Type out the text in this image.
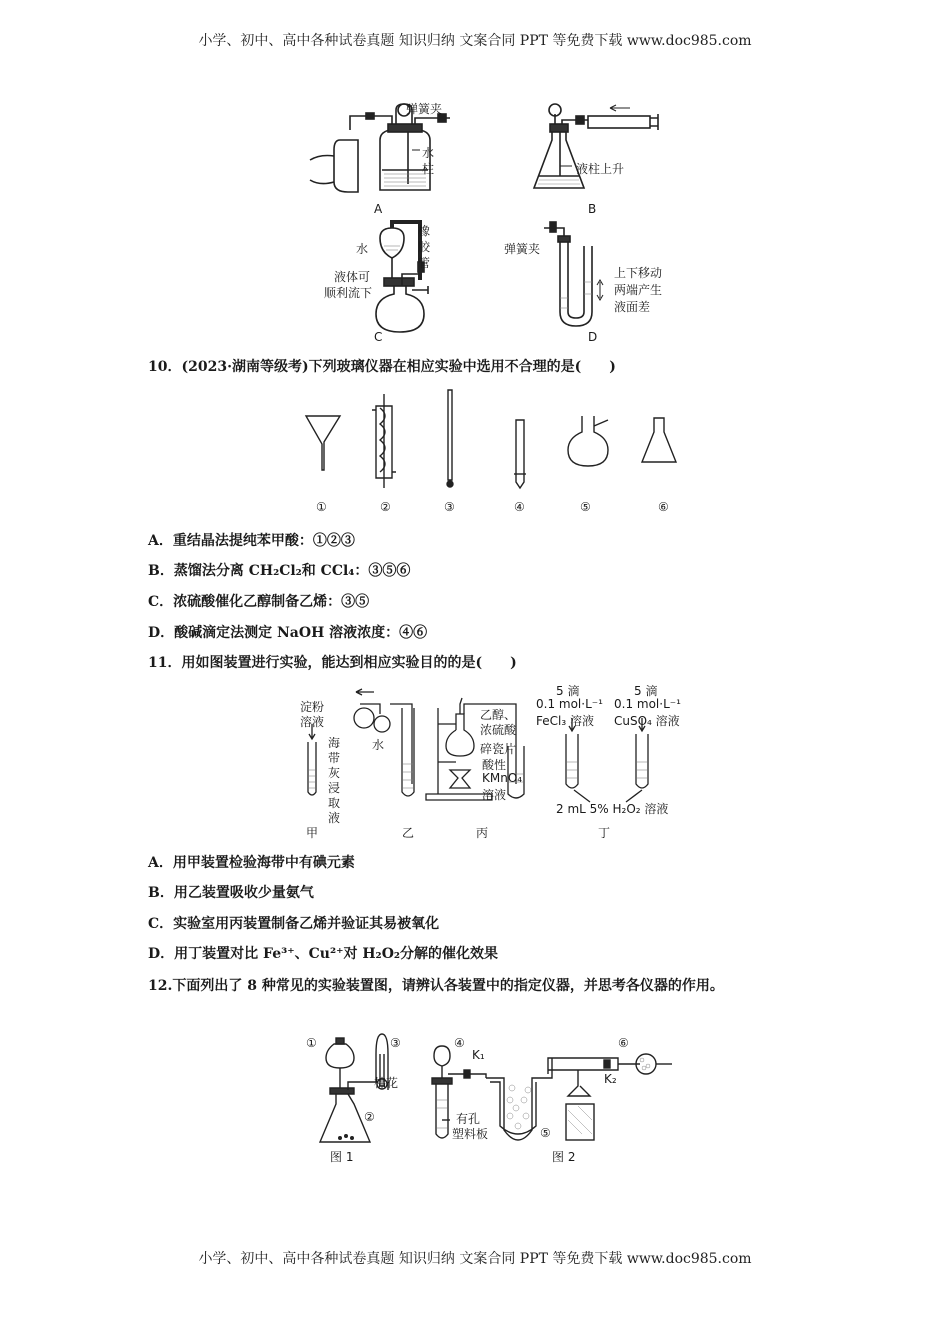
小学、初中、高中各种试卷真题 知识归纳 文案合同 PPT 等免费下载 www.doc985.com
小学、初中、高中各种试卷真题 知识归纳 文案合同 PPT 等免费下载 www.doc985.com
弹簧夹
水
柱
A
液柱上升
B
水
橡
胶
管
液体可
顺利流下
C
弹簧夹
上下移动
两端产生
液面差
D
10．(2023·湖南等级考)下列玻璃仪器在相应实验中选用不合理的是(　　)
①	②	③	④	⑤	⑥
A．重结晶法提纯苯甲酸：①②③
B．蒸馏法分离 CH₂Cl₂和 CCl₄：③⑤⑥
C．浓硫酸催化乙醇制备乙烯：③⑤
D．酸碱滴定法测定 NaOH 溶液浓度：④⑥
11．用如图装置进行实验，能达到相应实验目的的是(　　)
淀粉
溶液
海
带
灰
浸
取
液
水
乙醇、
浓硫酸
碎瓷片
酸性
KMnO₄
溶液
5 滴
0.1 mol·L⁻¹
FeCl₃ 溶液
5 滴
0.1 mol·L⁻¹
CuSO₄ 溶液
2 mL 5% H₂O₂ 溶液
甲	乙	丙	丁
A．用甲装置检验海带中有碘元素
B．用乙装置吸收少量氨气
C．实验室用丙装置制备乙烯并验证其易被氧化
D．用丁装置对比 Fe³⁺、Cu²⁺对 H₂O₂分解的催化效果
12.下面列出了 8 种常见的实验装置图，请辨认各装置中的指定仪器，并思考各仪器的作用。
①	③
棉花
②
图 1
④
K₁
⑥
K₂
有孔
塑料板	⑤
图 2
